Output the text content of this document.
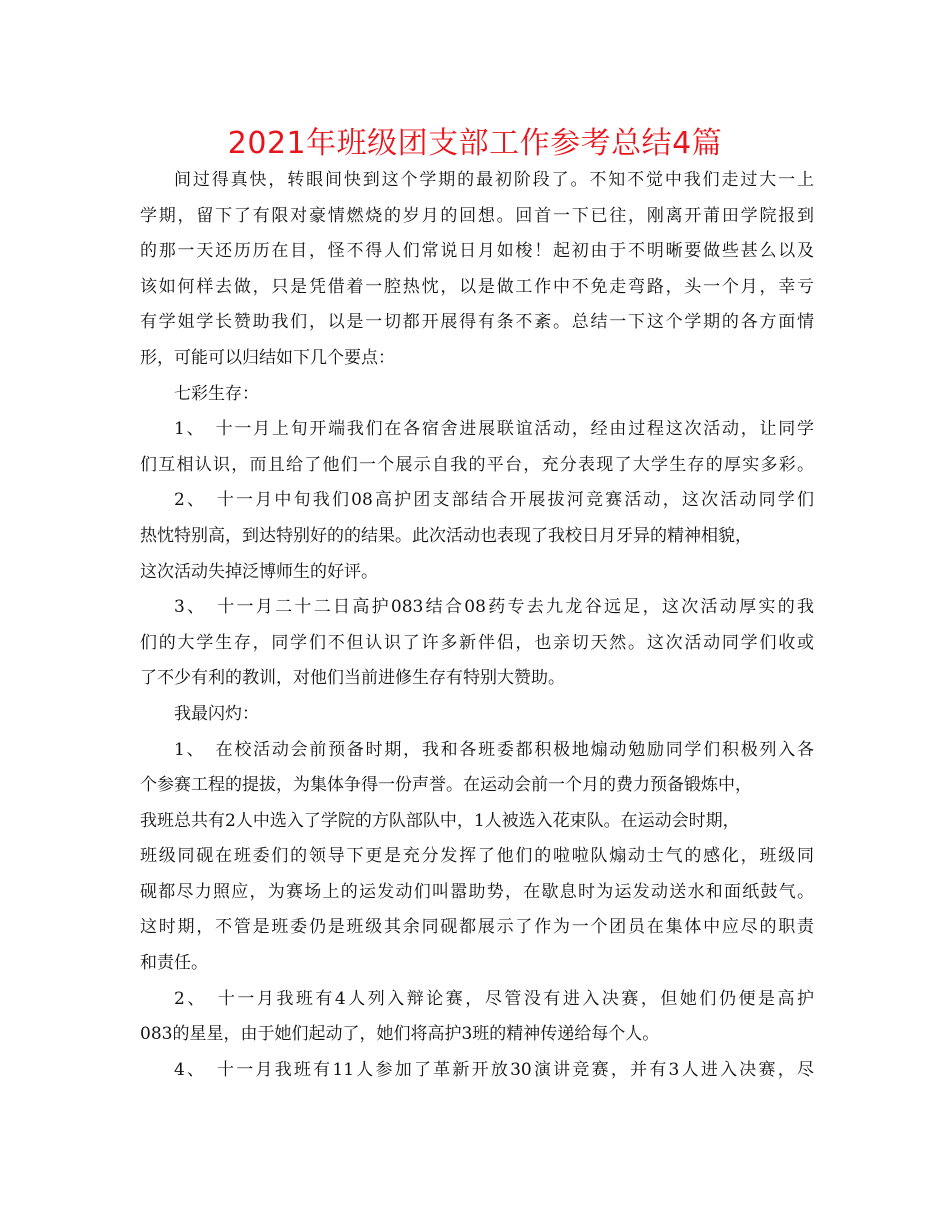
2021年班级团支部工作参考总结4篇
间过得真快，转眼间快到这个学期的最初阶段了。不知不觉中我们走过大一上
学期，留下了有限对豪情燃烧的岁月的回想。回首一下已往，刚离开莆田学院报到
的那一天还历历在目，怪不得人们常说日月如梭！起初由于不明晰要做些甚么以及
该如何样去做，只是凭借着一腔热忱，以是做工作中不免走弯路，头一个月，幸亏
有学姐学长赞助我们，以是一切都开展得有条不紊。总结一下这个学期的各方面情
形，可能可以归结如下几个要点：
七彩生存：
1、　十一月上旬开端我们在各宿舍进展联谊活动，经由过程这次活动，让同学
们互相认识，而且给了他们一个展示自我的平台，充分表现了大学生存的厚实多彩。
2、　十一月中旬我们08高护团支部结合开展拔河竞赛活动，这次活动同学们
热忱特别高，到达特别好的的结果。此次活动也表现了我校日月牙异的精神相貌，
这次活动失掉泛博师生的好评。
3、　十一月二十二日高护083结合08药专去九龙谷远足，这次活动厚实的我
们的大学生存，同学们不但认识了许多新伴侣，也亲切天然。这次活动同学们收或
了不少有利的教训，对他们当前进修生存有特别大赞助。
我最闪灼：
1、　在校活动会前预备时期，我和各班委都积极地煽动勉励同学们积极列入各
个参赛工程的提拔，为集体争得一份声誉。在运动会前一个月的费力预备锻炼中，
我班总共有2人中选入了学院的方队部队中，1人被选入花束队。在运动会时期，
班级同砚在班委们的领导下更是充分发挥了他们的啦啦队煽动士气的感化，班级同
砚都尽力照应，为赛场上的运发动们叫嚣助势，在歇息时为运发动送水和面纸鼓气。
这时期，不管是班委仍是班级其余同砚都展示了作为一个团员在集体中应尽的职责
和责任。
2、　十一月我班有4人列入辩论赛，尽管没有进入决赛，但她们仍便是高护
083的星星，由于她们起动了，她们将高护3班的精神传递给每个人。
4、　十一月我班有11人参加了革新开放30演讲竞赛，并有3人进入决赛，尽
